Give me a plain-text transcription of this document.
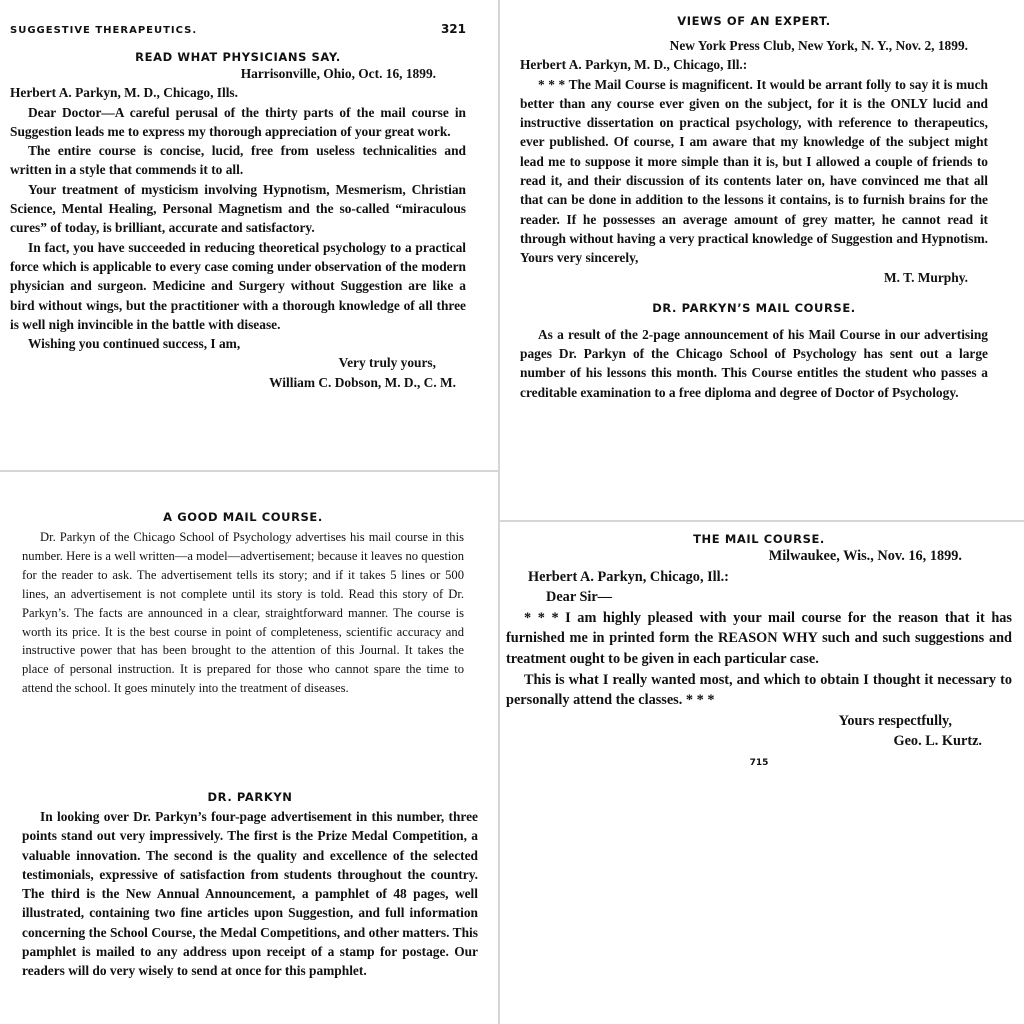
SUGGESTIVE THERAPEUTICS.	321
READ WHAT PHYSICIANS SAY.

Harrisonville, Ohio, Oct. 16, 1899.

Herbert A. Parkyn, M. D., Chicago, Ills.

Dear Doctor—A careful perusal of the thirty parts of the mail course in Suggestion leads me to express my thorough appreciation of your great work.

The entire course is concise, lucid, free from useless technicalities and written in a style that commends it to all.

Your treatment of mysticism involving Hypnotism, Mesmerism, Christian Science, Mental Healing, Personal Magnetism and the so-called “miraculous cures” of today, is brilliant, accurate and satisfactory.

In fact, you have succeeded in reducing theoretical psychology to a practical force which is applicable to every case coming under observation of the modern physician and surgeon. Medicine and Surgery without Suggestion are like a bird without wings, but the practitioner with a thorough knowledge of all three is well nigh invincible in the battle with disease.

Wishing you continued success, I am,

Very truly yours,

William C. Dobson, M. D., C. M.

VIEWS OF AN EXPERT.

New York Press Club, New York, N. Y., Nov. 2, 1899.

Herbert A. Parkyn, M. D., Chicago, Ill.:

* * * The Mail Course is magnificent. It would be arrant folly to say it is much better than any course ever given on the subject, for it is the ONLY lucid and instructive dissertation on practical psychology, with reference to therapeutics, ever published. Of course, I am aware that my knowledge of the subject might lead me to suppose it more simple than it is, but I allowed a couple of friends to read it, and their discussion of its contents later on, have convinced me that all that can be done in addition to the lessons it contains, is to furnish brains for the reader. If he possesses an average amount of grey matter, he cannot read it through without having a very practical knowledge of Suggestion and Hypnotism. Yours very sincerely,

M. T. Murphy.

DR. PARKYN’S MAIL COURSE.

As a result of the 2-page announcement of his Mail Course in our advertising pages Dr. Parkyn of the Chicago School of Psychology has sent out a large number of his lessons this month. This Course entitles the student who passes a creditable examination to a free diploma and degree of Doctor of Psychology.

A GOOD MAIL COURSE.

Dr. Parkyn of the Chicago School of Psychology advertises his mail course in this number. Here is a well written—a model—advertisement; because it leaves no question for the reader to ask. The advertisement tells its story; and if it takes 5 lines or 500 lines, an advertisement is not complete until its story is told. Read this story of Dr. Parkyn’s. The facts are announced in a clear, straightforward manner. The course is worth its price. It is the best course in point of completeness, scientific accuracy and instructive power that has been brought to the attention of this Journal. It takes the place of personal instruction. It is prepared for those who cannot spare the time to attend the school. It goes minutely into the treatment of diseases.

DR. PARKYN

In looking over Dr. Parkyn’s four-page advertisement in this number, three points stand out very impressively. The first is the Prize Medal Competition, a valuable innovation. The second is the quality and excellence of the selected testimonials, expressive of satisfaction from students throughout the country. The third is the New Annual Announcement, a pamphlet of 48 pages, well illustrated, containing two fine articles upon Suggestion, and full information concerning the School Course, the Medal Competitions, and other matters. This pamphlet is mailed to any address upon receipt of a stamp for postage. Our readers will do very wisely to send at once for this pamphlet.

THE MAIL COURSE.

Milwaukee, Wis., Nov. 16, 1899.

Herbert A. Parkyn, Chicago, Ill.:

Dear Sir—

* * * I am highly pleased with your mail course for the reason that it has furnished me in printed form the REASON WHY such and such suggestions and treatment ought to be given in each particular case.

This is what I really wanted most, and which to obtain I thought it necessary to personally attend the classes. * * *

Yours respectfully,

Geo. L. Kurtz.

715
